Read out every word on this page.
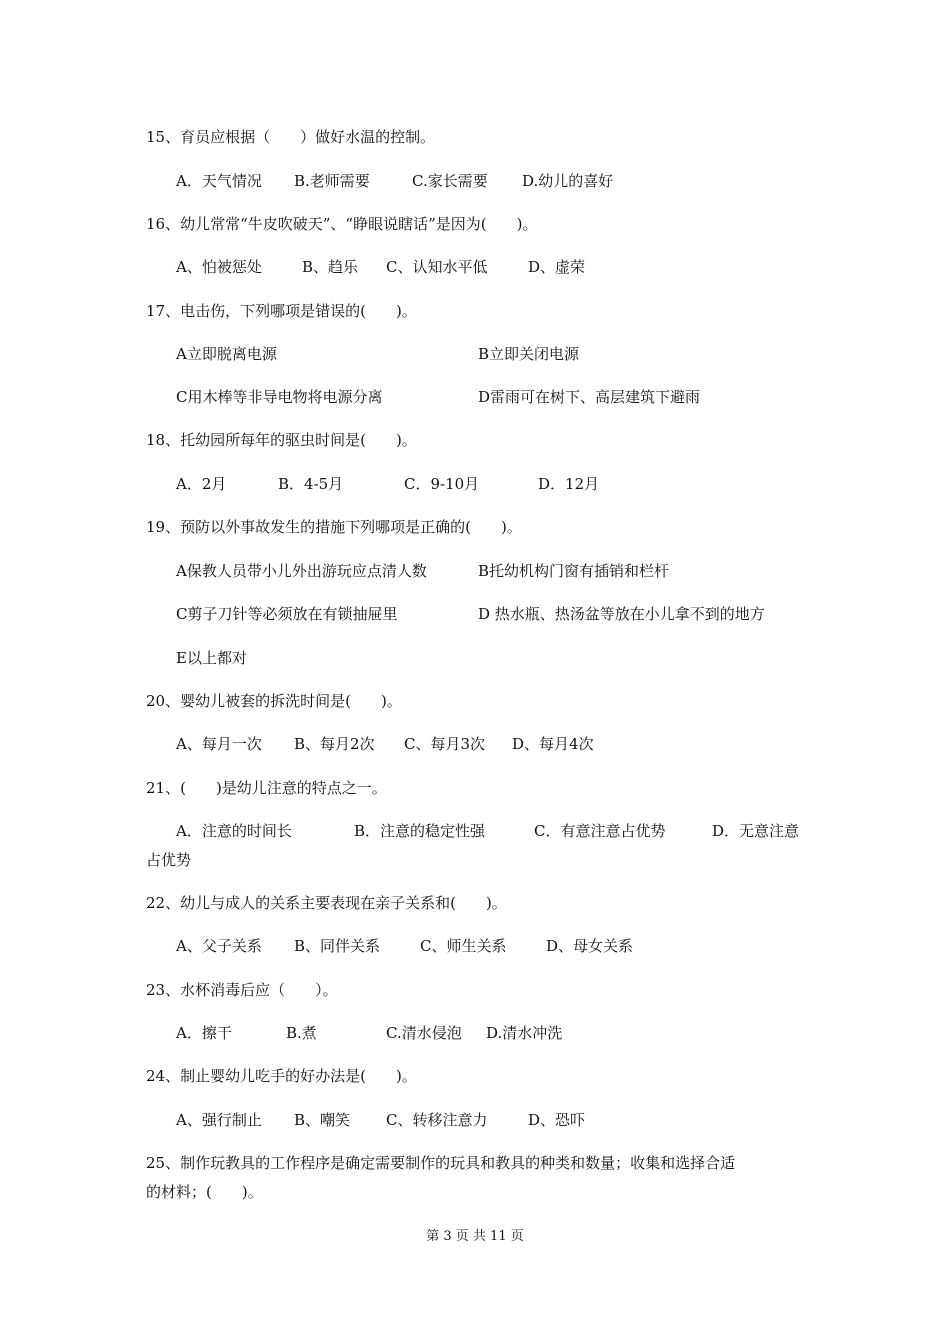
15、育员应根据（　　）做好水温的控制。
A．天气情况 B.老师需要	C.家长需要 D.幼儿的喜好
16、幼儿常常“牛皮吹破天”、“睁眼说瞎话”是因为(　　)。
A、怕被惩处	B、趋乐 C、认知水平低	D、虚荣
17、电击伤，下列哪项是错误的(　　)。
A立即脱离电源	B立即关闭电源
C用木棒等非导电物将电源分离	D雷雨可在树下、高层建筑下避雨
18、托幼园所每年的驱虫时间是(　　)。
A．2月	B．4-5月	C．9-10月	D．12月
19、预防以外事故发生的措施下列哪项是正确的(　　)。
A保教人员带小儿外出游玩应点清人数	B托幼机构门窗有插销和栏杆
C剪子刀针等必须放在有锁抽屉里	D 热水瓶、热汤盆等放在小儿拿不到的地方
E以上都对
20、婴幼儿被套的拆洗时间是(　　)。
A、每月一次 B、每月2次 C、每月3次 D、每月4次
21、(　　)是幼儿注意的特点之一。
A．注意的时间长	B．注意的稳定性强	C．有意注意占优势	D．无意注意
占优势
22、幼儿与成人的关系主要表现在亲子关系和(　　)。
A、父子关系 B、同伴关系	C、师生关系	D、母女关系
23、水杯消毒后应（　　）。
A．擦干	B.煮	C.清水侵泡 D.清水冲洗
24、制止婴幼儿吃手的好办法是(　　)。
A、强行制止 B、嘲笑 C、转移注意力	D、恐吓
25、制作玩教具的工作程序是确定需要制作的玩具和教具的种类和数量；收集和选择合适
的材料；(　　)。
第 3 页 共 11 页
